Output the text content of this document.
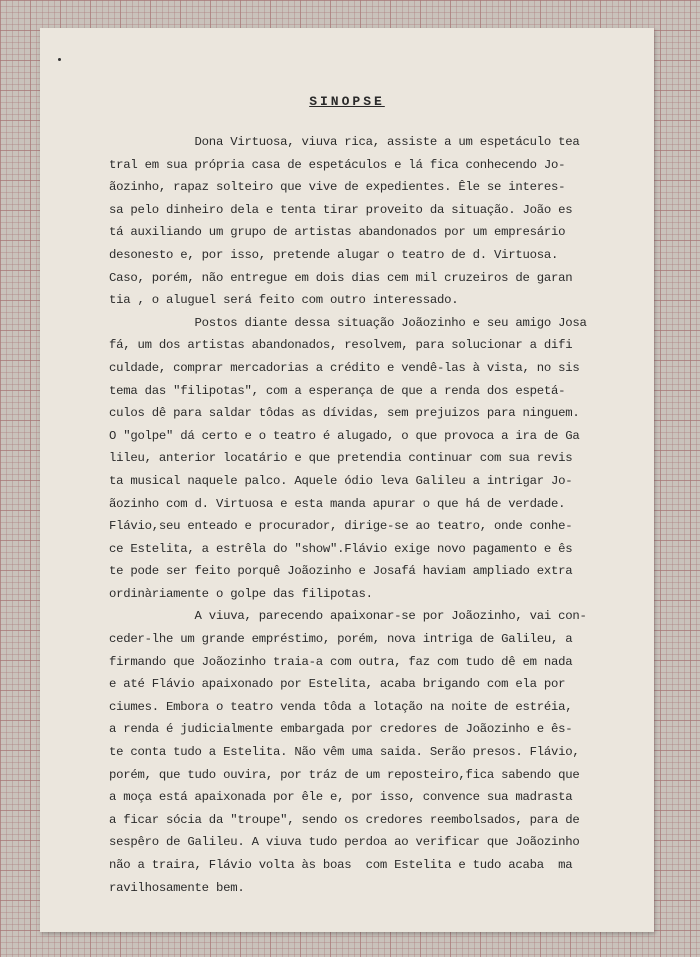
SINOPSE
Dona Virtuosa, viuva rica, assiste a um espetáculo tea
tral em sua própria casa de espetáculos e lá fica conhecendo Jo-
ãozinho, rapaz solteiro que vive de expedientes. Êle se interes-
sa pelo dinheiro dela e tenta tirar proveito da situação. João es
tá auxiliando um grupo de artistas abandonados por um empresário
desonesto e, por isso, pretende alugar o teatro de d. Virtuosa.
Caso, porém, não entregue em dois dias cem mil cruzeiros de garan
tia , o aluguel será feito com outro interessado.
Postos diante dessa situação Joãozinho e seu amigo Josa
fá, um dos artistas abandonados, resolvem, para solucionar a difi
culdade, comprar mercadorias a crédito e vendê-las à vista, no sis
tema das "filipotas", com a esperança de que a renda dos espetá-
culos dê para saldar tôdas as dívidas, sem prejuizos para ninguem.
O "golpe" dá certo e o teatro é alugado, o que provoca a ira de Ga
lileu, anterior locatário e que pretendia continuar com sua revis
ta musical naquele palco. Aquele ódio leva Galileu a intrigar Jo-
ãozinho com d. Virtuosa e esta manda apurar o que há de verdade.
Flávio,seu enteado e procurador, dirige-se ao teatro, onde conhe-
ce Estelita, a estrêla do "show".Flávio exige novo pagamento e ês
te pode ser feito porquê Joãozinho e Josafá haviam ampliado extra
ordinàriamente o golpe das filipotas.
A viuva, parecendo apaixonar-se por Joãozinho, vai con-
ceder-lhe um grande empréstimo, porém, nova intriga de Galileu, a
firmando que Joãozinho traia-a com outra, faz com tudo dê em nada
e até Flávio apaixonado por Estelita, acaba brigando com ela por
ciumes. Embora o teatro venda tôda a lotação na noite de estréia,
a renda é judicialmente embargada por credores de Joãozinho e ês-
te conta tudo a Estelita. Não vêm uma saida. Serão presos. Flávio,
porém, que tudo ouvira, por tráz de um reposteiro,fica sabendo que
a moça está apaixonada por êle e, por isso, convence sua madrasta
a ficar sócia da "troupe", sendo os credores reembolsados, para de
sespêro de Galileu. A viuva tudo perdoa ao verificar que Joãozinho
não a traira, Flávio volta às boas  com Estelita e tudo acaba  ma
ravilhosamente bem.
